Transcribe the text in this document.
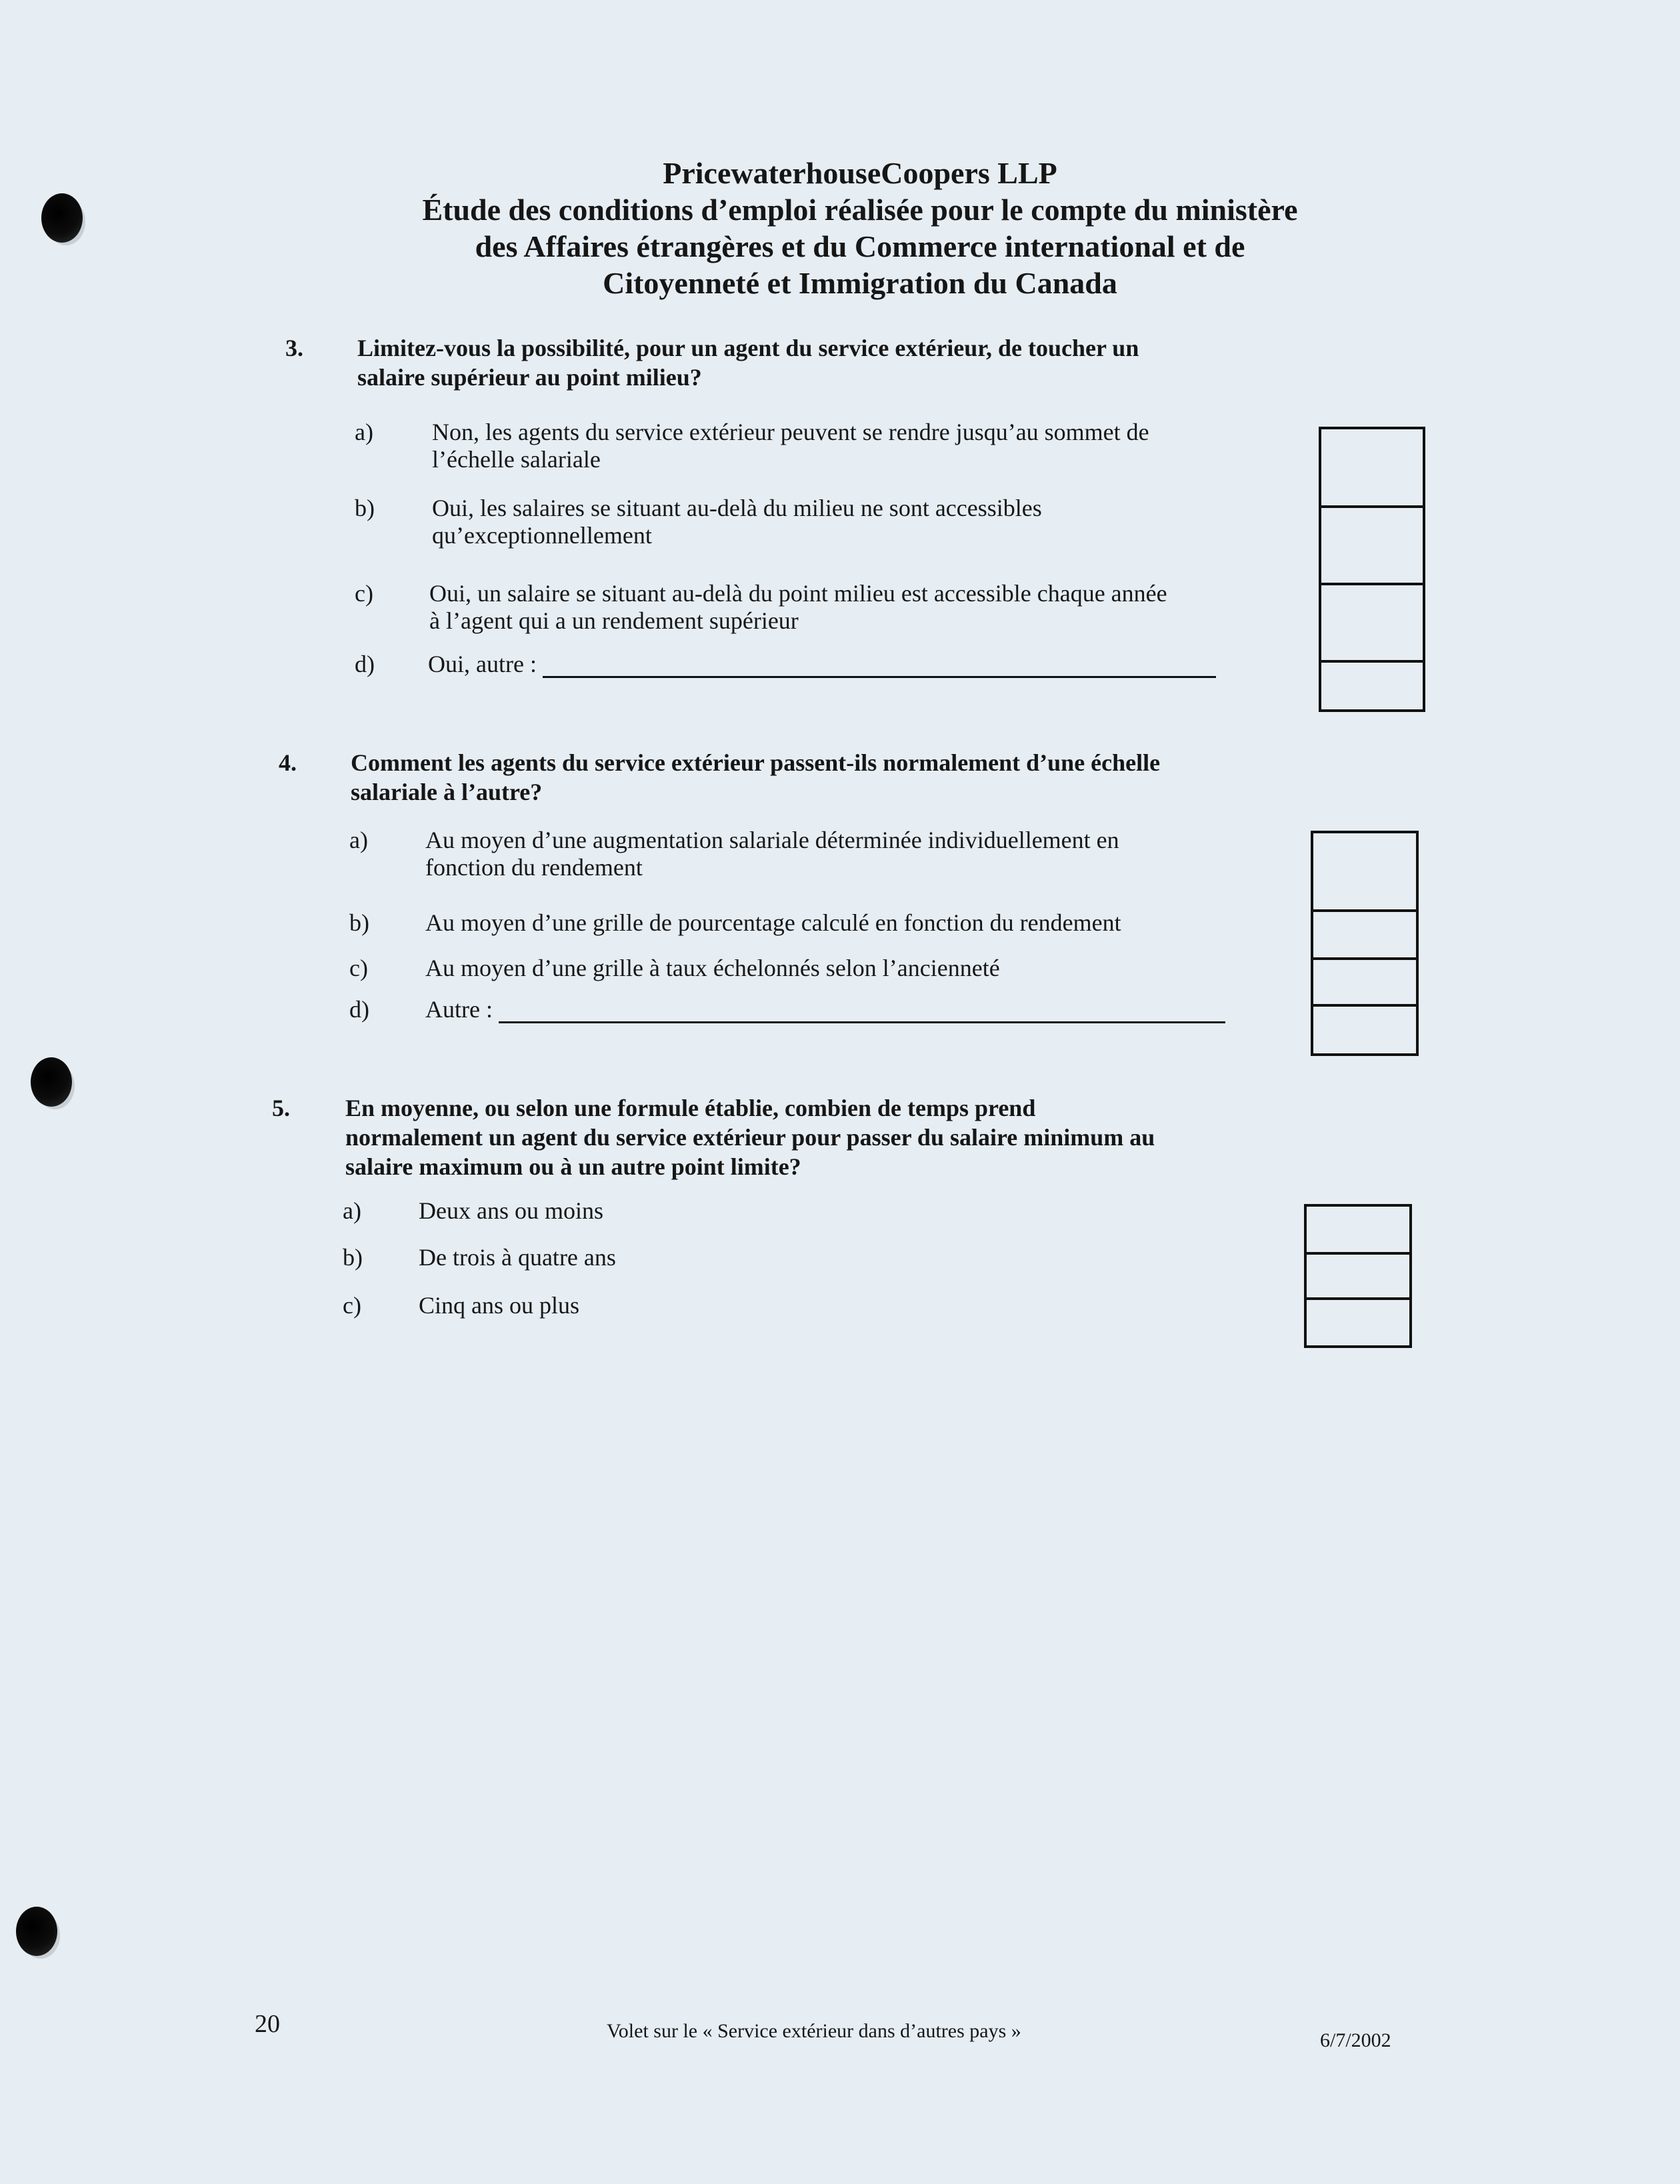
PricewaterhouseCoopers LLP
Étude des conditions d’emploi réalisée pour le compte du ministère
des Affaires étrangères et du Commerce international et de
Citoyenneté et Immigration du Canada
3. Limitez-vous la possibilité, pour un agent du service extérieur, de toucher un
salaire supérieur au point milieu?
a) Non, les agents du service extérieur peuvent se rendre jusqu’au sommet de
l’échelle salariale
b) Oui, les salaires se situant au-delà du milieu ne sont accessibles
qu’exceptionnellement
c) Oui, un salaire se situant au-delà du point milieu est accessible chaque année
à l’agent qui a un rendement supérieur
d) Oui, autre :
4. Comment les agents du service extérieur passent-ils normalement d’une échelle
salariale à l’autre?
a) Au moyen d’une augmentation salariale déterminée individuellement en
fonction du rendement
b) Au moyen d’une grille de pourcentage calculé en fonction du rendement
c) Au moyen d’une grille à taux échelonnés selon l’ancienneté
d) Autre :
5. En moyenne, ou selon une formule établie, combien de temps prend
normalement un agent du service extérieur pour passer du salaire minimum au
salaire maximum ou à un autre point limite?
a) Deux ans ou moins
b) De trois à quatre ans
c) Cinq ans ou plus
20	Volet sur le « Service extérieur dans d’autres pays »	6/7/2002
